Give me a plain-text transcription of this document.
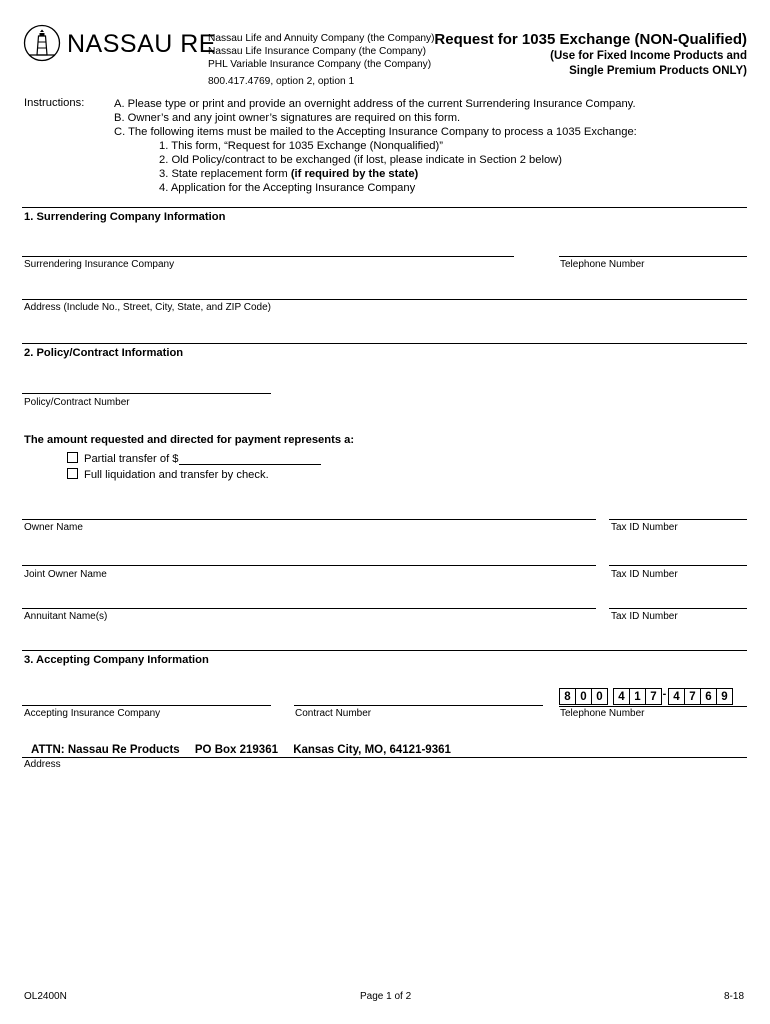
NASSAU RE
Nassau Life and Annuity Company (the Company)
Nassau Life Insurance Company (the Company)
PHL Variable Insurance Company (the Company)
800.417.4769, option 2, option 1
Request for 1035 Exchange (NON-Qualified)
(Use for Fixed Income Products and
Single Premium Products ONLY)
Instructions:	A. Please type or print and provide an overnight address of the current Surrendering Insurance Company.
B. Owner’s and any joint owner’s signatures are required on this form.
C. The following items must be mailed to the Accepting Insurance Company to process a 1035 Exchange:
1. This form, “Request for 1035 Exchange (Nonqualified)”
2. Old Policy/contract to be exchanged (if lost, please indicate in Section 2 below)
3. State replacement form (if required by the state)
4. Application for the Accepting Insurance Company
1. Surrendering Company Information
Surrendering Insurance Company	Telephone Number
Address (Include No., Street, City, State, and ZIP Code)
2. Policy/Contract Information
Policy/Contract Number
The amount requested and directed for payment represents a:
Partial transfer of $
Full liquidation and transfer by check.
Owner Name	Tax ID Number
Joint Owner Name	Tax ID Number
Annuitant Name(s)	Tax ID Number
3. Accepting Company Information
8 0 0	4 1 7 - 4 7 6 9
Accepting Insurance Company	Contract Number	Telephone Number
ATTN: Nassau Re Products PO Box 219361 Kansas City, MO, 64121-9361
Address
OL2400N	Page 1 of 2	8-18
